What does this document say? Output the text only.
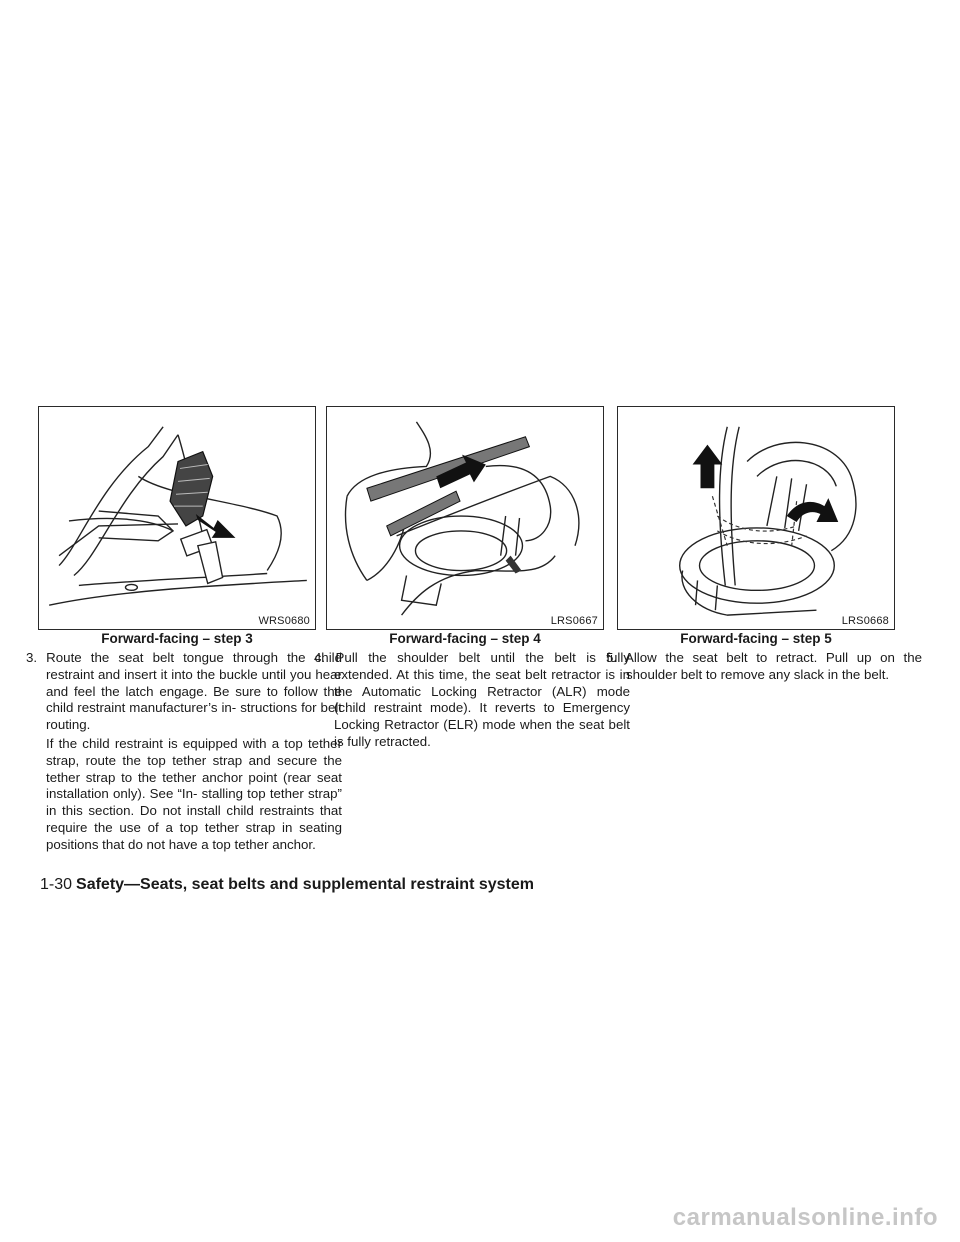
WRS0680
Forward-facing – step 3
LRS0667
Forward-facing – step 4
LRS0668
Forward-facing – step 5

3. Route the seat belt tongue through the child restraint and insert it into the buckle until you hear and feel the latch engage. Be sure to follow the child restraint manufacturer’s in- structions for belt routing.

If the child restraint is equipped with a top tether strap, route the top tether strap and secure the tether strap to the tether anchor point (rear seat installation only). See “In- stalling top tether strap” in this section. Do not install child restraints that require the use of a top tether strap in seating positions that do not have a top tether anchor.

4. Pull the shoulder belt until the belt is fully extended. At this time, the seat belt retractor is in the Automatic Locking Retractor (ALR) mode (child restraint mode). It reverts to Emergency Locking Retractor (ELR) mode when the seat belt is fully retracted.

5. Allow the seat belt to retract. Pull up on the shoulder belt to remove any slack in the belt.

1-30 Safety—Seats, seat belts and supplemental restraint system
carmanualsonline.info
